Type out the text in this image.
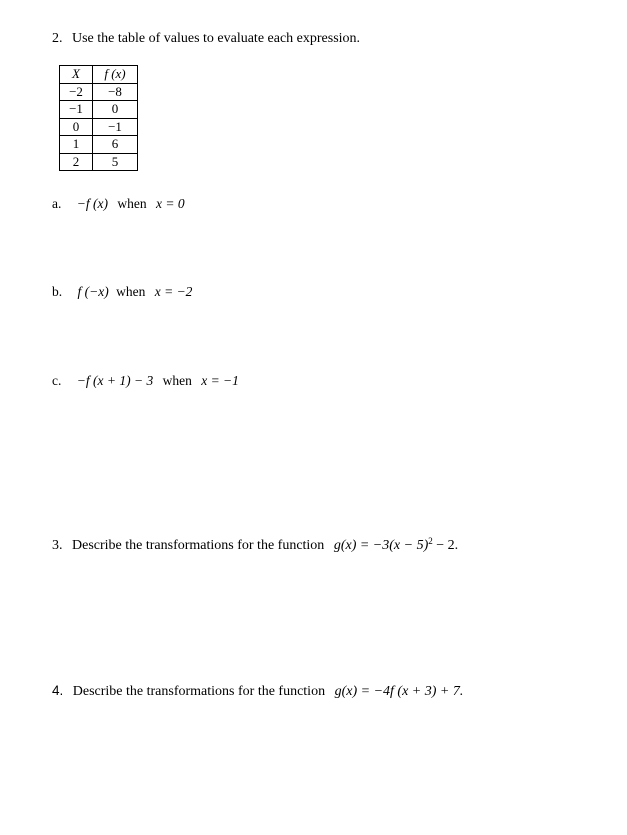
2. Use the table of values to evaluate each expression.
X	f (x)
−2	−8
−1	0
0	−1
1	6
2	5
a. −f (x) when x = 0
b. f (−x) when x = −2
c. −f (x + 1) − 3 when x = −1
3. Describe the transformations for the function $g(x) = -3(x - 5)^2 - 2$.
4. Describe the transformations for the function g(x) = −4f (x + 3) + 7.
